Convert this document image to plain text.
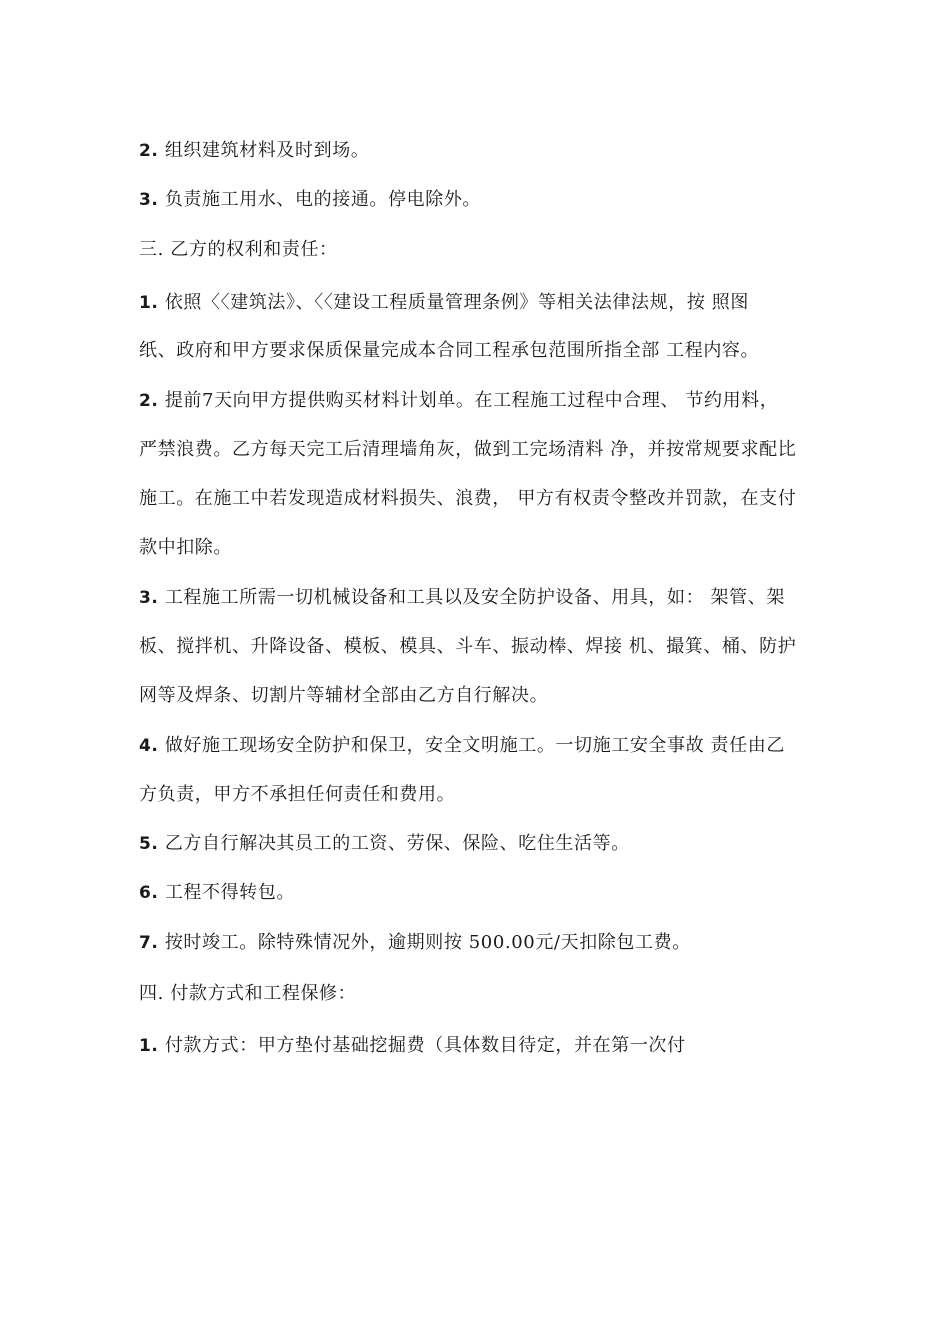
2. 组织建筑材料及时到场。
3. 负责施工用水、电的接通。停电除外。
三. 乙方的权利和责任：
1. 依照〈〈建筑法》、〈〈建设工程质量管理条例》等相关法律法规，按 照图
纸、政府和甲方要求保质保量完成本合同工程承包范围所指全部 工程内容。
2. 提前7天向甲方提供购买材料计划单。在工程施工过程中合理、 节约用料，
严禁浪费。乙方每天完工后清理墙角灰，做到工完场清料 净，并按常规要求配比
施工。在施工中若发现造成材料损失、浪费， 甲方有权责令整改并罚款，在支付
款中扣除。
3. 工程施工所需一切机械设备和工具以及安全防护设备、用具，如： 架管、架
板、搅拌机、升降设备、模板、模具、斗车、振动棒、焊接 机、撮箕、桶、防护
网等及焊条、切割片等辅材全部由乙方自行解决。
4. 做好施工现场安全防护和保卫，安全文明施工。一切施工安全事故 责任由乙
方负责，甲方不承担任何责任和费用。
5. 乙方自行解决其员工的工资、劳保、保险、吃住生活等。
6. 工程不得转包。
7. 按时竣工。除特殊情况外，逾期则按 500.00元/天扣除包工费。
四. 付款方式和工程保修：
1. 付款方式：甲方垫付基础挖掘费（具体数目待定，并在第一次付
